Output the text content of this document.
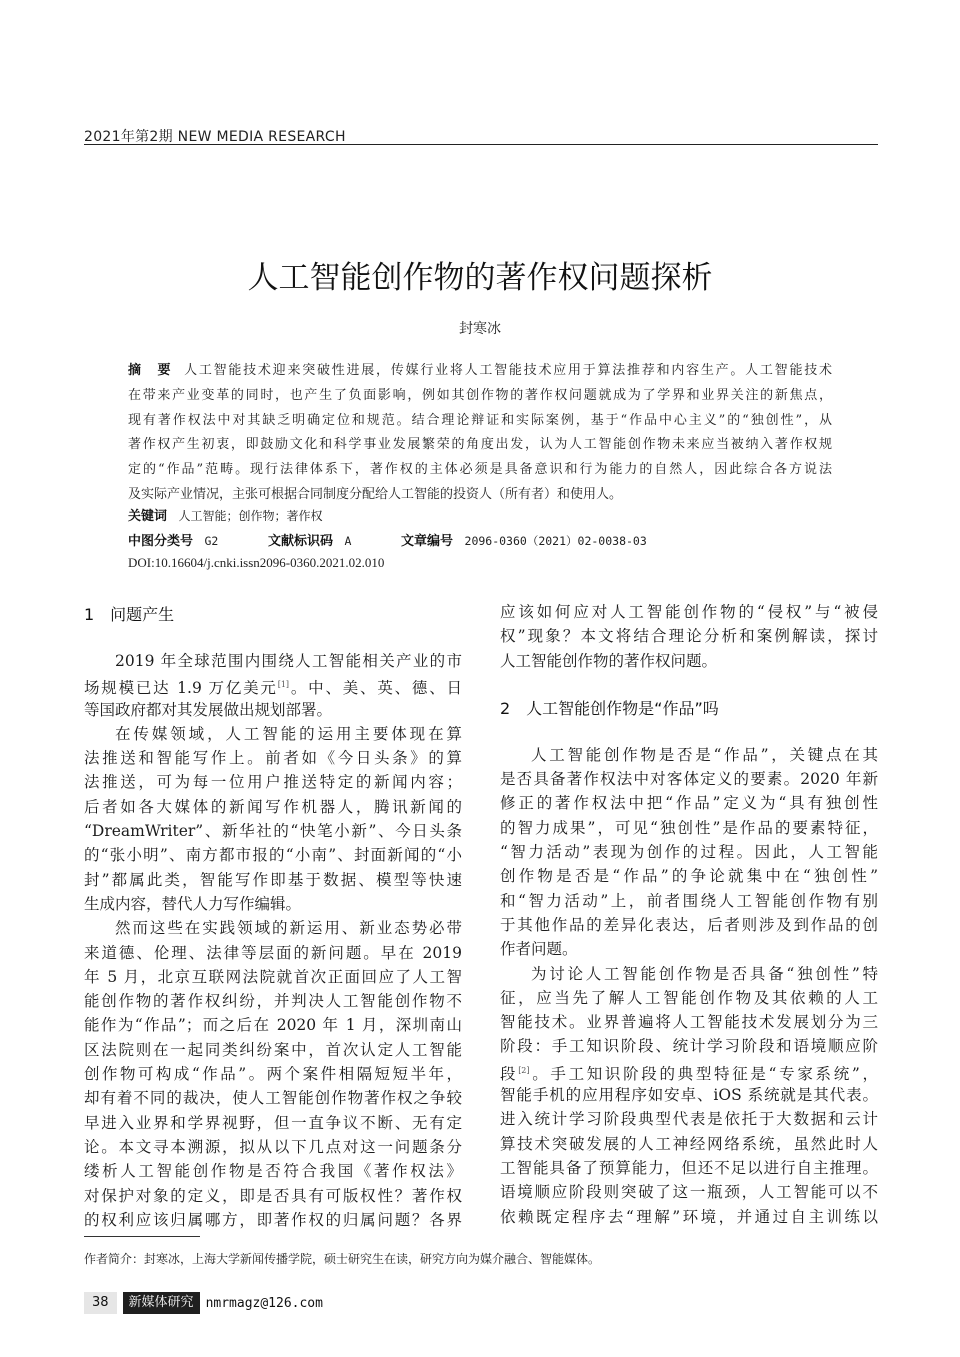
2021年第2期 NEW MEDIA RESEARCH
人工智能创作物的著作权问题探析
封寒冰
摘　要 人工智能技术迎来突破性进展，传媒行业将人工智能技术应用于算法推荐和内容生产。人工智能技术
在带来产业变革的同时，也产生了负面影响，例如其创作物的著作权问题就成为了学界和业界关注的新焦点，
现有著作权法中对其缺乏明确定位和规范。结合理论辩证和实际案例，基于“作品中心主义”的“独创性”，从
著作权产生初衷，即鼓励文化和科学事业发展繁荣的角度出发，认为人工智能创作物未来应当被纳入著作权规
定的“作品”范畴。现行法律体系下，著作权的主体必须是具备意识和行为能力的自然人，因此综合各方说法
及实际产业情况，主张可根据合同制度分配给人工智能的投资人（所有者）和使用人。
关键词 人工智能；创作物；著作权
中图分类号 G2	文献标识码 A	文章编号 2096-0360（2021）02-0038-03
DOI:10.16604/j.cnki.issn2096-0360.2021.02.010
1　问题产生
2019 年全球范围内围绕人工智能相关产业的市
场规模已达 1.9 万亿美元[1]。中、美、英、德、日
等国政府都对其发展做出规划部署。
在传媒领域，人工智能的运用主要体现在算
法推送和智能写作上。前者如《今日头条》的算
法推送，可为每一位用户推送特定的新闻内容；
后者如各大媒体的新闻写作机器人，腾讯新闻的
“DreamWriter”、新华社的“快笔小新”、今日头条
的“张小明”、南方都市报的“小南”、封面新闻的“小
封”都属此类，智能写作即基于数据、模型等快速
生成内容，替代人力写作编辑。
然而这些在实践领域的新运用、新业态势必带
来道德、伦理、法律等层面的新问题。早在 2019
年 5 月，北京互联网法院就首次正面回应了人工智
能创作物的著作权纠纷，并判决人工智能创作物不
能作为“作品”；而之后在 2020 年 1 月，深圳南山
区法院则在一起同类纠纷案中，首次认定人工智能
创作物可构成“作品”。两个案件相隔短短半年，
却有着不同的裁决，使人工智能创作物著作权之争较
早进入业界和学界视野，但一直争议不断、无有定
论。本文寻本溯源，拟从以下几点对这一问题条分
缕析人工智能创作物是否符合我国《著作权法》
对保护对象的定义，即是否具有可版权性？著作权
的权利应该归属哪方，即著作权的归属问题？各界
应该如何应对人工智能创作物的“侵权”与“被侵
权”现象？本文将结合理论分析和案例解读，探讨
人工智能创作物的著作权问题。
2　人工智能创作物是“作品”吗
人工智能创作物是否是“作品”，关键点在其
是否具备著作权法中对客体定义的要素。2020 年新
修正的著作权法中把“作品”定义为“具有独创性
的智力成果”，可见“独创性”是作品的要素特征，
“智力活动”表现为创作的过程。因此，人工智能
创作物是否是“作品”的争论就集中在“独创性”
和“智力活动”上，前者围绕人工智能创作物有别
于其他作品的差异化表达，后者则涉及到作品的创
作者问题。
为讨论人工智能创作物是否具备“独创性”特
征，应当先了解人工智能创作物及其依赖的人工
智能技术。业界普遍将人工智能技术发展划分为三
阶段：手工知识阶段、统计学习阶段和语境顺应阶
段[2]。手工知识阶段的典型特征是“专家系统”，
智能手机的应用程序如安卓、iOS 系统就是其代表。
进入统计学习阶段典型代表是依托于大数据和云计
算技术突破发展的人工神经网络系统，虽然此时人
工智能具备了预算能力，但还不足以进行自主推理。
语境顺应阶段则突破了这一瓶颈，人工智能可以不
依赖既定程序去“理解”环境，并通过自主训练以
作者简介：封寒冰，上海大学新闻传播学院，硕士研究生在读，研究方向为媒介融合、智能媒体。
38	新媒体研究 nmrmagz@126.com
